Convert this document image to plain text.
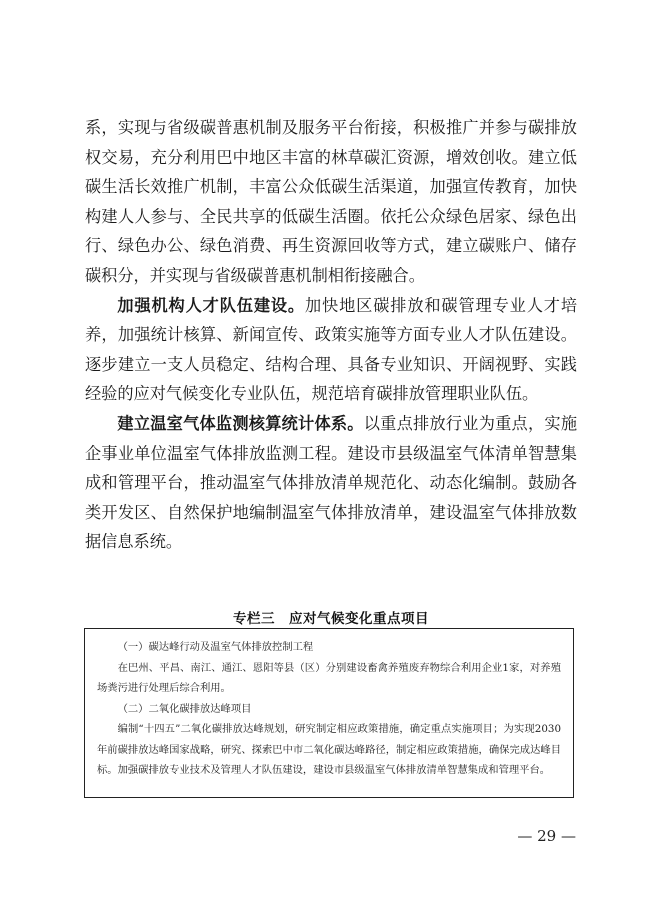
系，实现与省级碳普惠机制及服务平台衔接，积极推广并参与碳排放权交易，充分利用巴中地区丰富的林草碳汇资源，增效创收。建立低碳生活长效推广机制，丰富公众低碳生活渠道，加强宣传教育，加快构建人人参与、全民共享的低碳生活圈。依托公众绿色居家、绿色出行、绿色办公、绿色消费、再生资源回收等方式，建立碳账户、储存碳积分，并实现与省级碳普惠机制相衔接融合。

加强机构人才队伍建设。加快地区碳排放和碳管理专业人才培养，加强统计核算、新闻宣传、政策实施等方面专业人才队伍建设。逐步建立一支人员稳定、结构合理、具备专业知识、开阔视野、实践经验的应对气候变化专业队伍，规范培育碳排放管理职业队伍。

建立温室气体监测核算统计体系。以重点排放行业为重点，实施企事业单位温室气体排放监测工程。建设市县级温室气体清单智慧集成和管理平台，推动温室气体排放清单规范化、动态化编制。鼓励各类开发区、自然保护地编制温室气体排放清单，建设温室气体排放数据信息系统。

专栏三　应对气候变化重点项目

（一）碳达峰行动及温室气体排放控制工程

在巴州、平昌、南江、通江、恩阳等县（区）分别建设畜禽养殖废弃物综合利用企业1家，对养殖场粪污进行处理后综合利用。

（二）二氧化碳排放达峰项目

编制“十四五”二氧化碳排放达峰规划，研究制定相应政策措施，确定重点实施项目；为实现2030年前碳排放达峰国家战略，研究、探索巴中市二氧化碳达峰路径，制定相应政策措施，确保完成达峰目标。加强碳排放专业技术及管理人才队伍建设，建设市县级温室气体排放清单智慧集成和管理平台。

— 29 —
